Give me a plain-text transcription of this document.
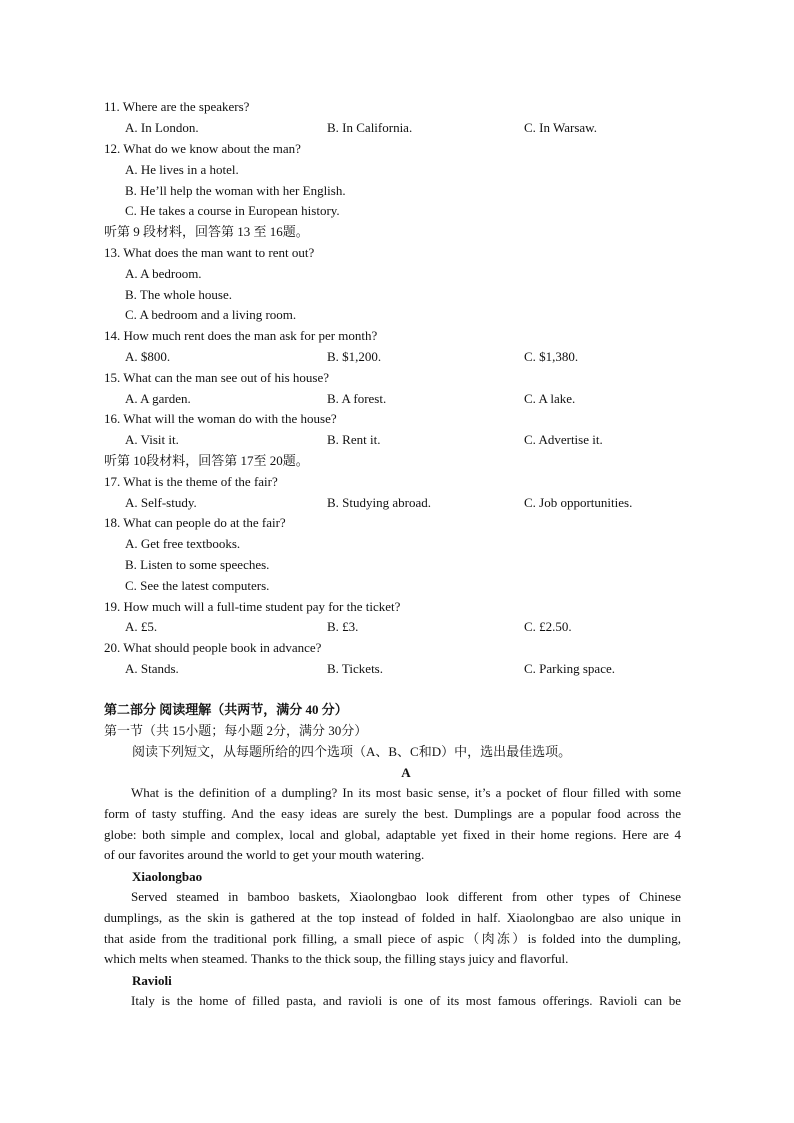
11. Where are the speakers?
A. In London.	B. In California.	C. In Warsaw.
12. What do we know about the man?
A. He lives in a hotel.
B. He’ll help the woman with her English.
C. He takes a course in European history.
听第 9 段材料，回答第 13 至 16题。
13. What does the man want to rent out?
A. A bedroom.
B. The whole house.
C. A bedroom and a living room.
14. How much rent does the man ask for per month?
A. $800.	B. $1,200.	C. $1,380.
15. What can the man see out of his house?
A. A garden.	B. A forest.	C. A lake.
16. What will the woman do with the house?
A. Visit it.	B. Rent it.	C. Advertise it.
听第 10段材料，回答第 17至 20题。
17. What is the theme of the fair?
A. Self-study.	B. Studying abroad.	C. Job opportunities.
18. What can people do at the fair?
A. Get free textbooks.
B. Listen to some speeches.
C. See the latest computers.
19. How much will a full-time student pay for the ticket?
A. £5.	B. £3.	C. £2.50.
20. What should people book in advance?
A. Stands.	B. Tickets.	C. Parking space.
第二部分 阅读理解（共两节，满分 40 分）
第一节（共 15小题；每小题 2分，满分 30分）
阅读下列短文，从每题所给的四个选项（A、B、C和D）中，选出最佳选项。
A

What is the definition of a dumpling? In its most basic sense, it’s a pocket of flour filled with some

form of tasty stuffing. And the easy ideas are surely the best. Dumplings are a popular food across the

globe: both simple and complex, local and global, adaptable yet fixed in their home regions. Here are 4

of our favorites around the world to get your mouth watering.

Xiaolongbao

Served steamed in bamboo baskets, Xiaolongbao look different from other types of Chinese

dumplings, as the skin is gathered at the top instead of folded in half. Xiaolongbao are also unique in

that aside from the traditional pork filling, a small piece of aspic（肉冻）is folded into the dumpling,

which melts when steamed. Thanks to the thick soup, the filling stays juicy and flavorful.

Ravioli

Italy is the home of filled pasta, and ravioli is one of its most famous offerings. Ravioli can be
